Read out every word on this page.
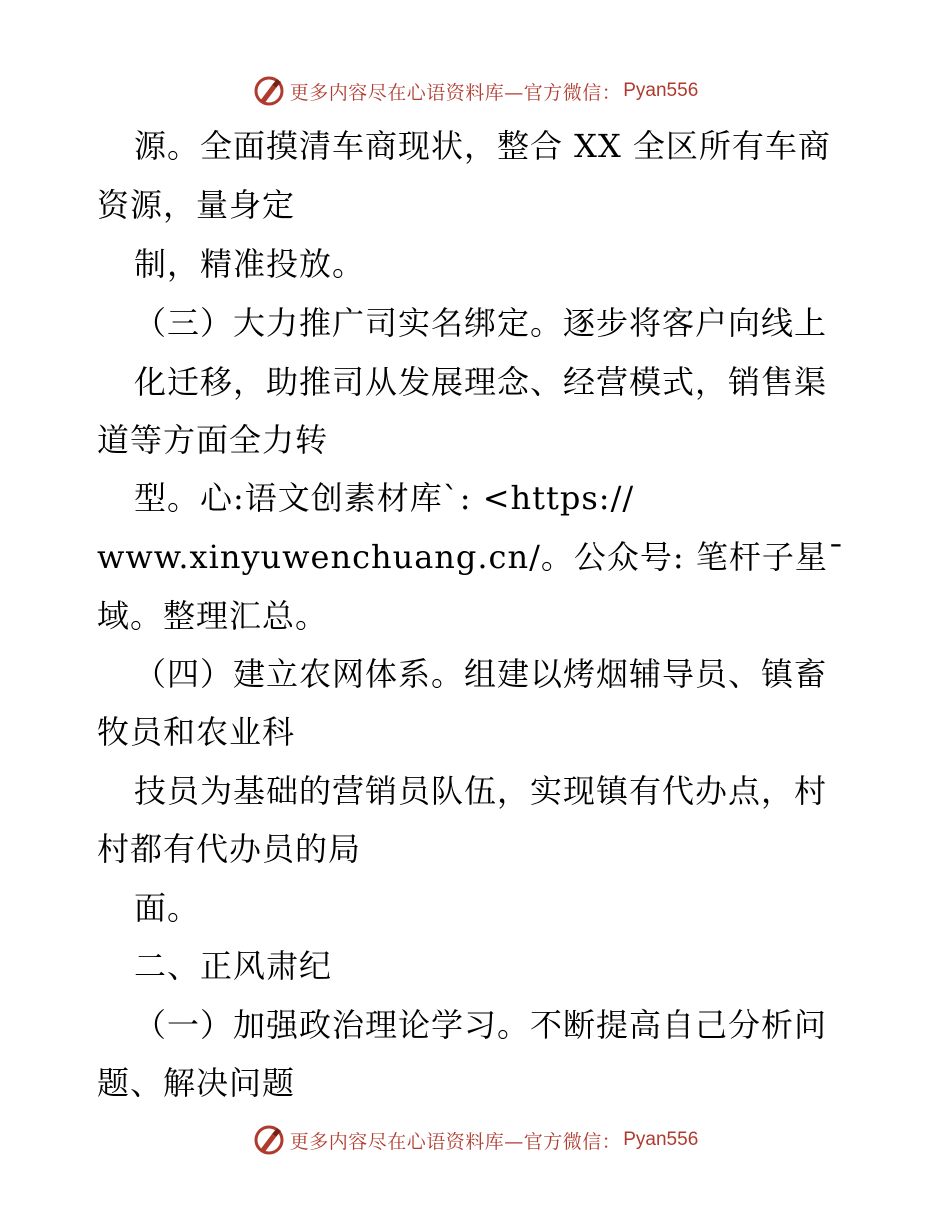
更多内容尽在心语资料库—官方微信： Pyan556
源。全面摸清车商现状，整合 XX 全区所有车商
资源，量身定
制，精准投放。
（三）大力推广司实名绑定。逐步将客户向线上
化迁移，助推司从发展理念、经营模式，销售渠
道等方面全力转
型。心:语文创素材库`: <https://
www.xinyuwenchuang.cn/。公众号: 笔杆子星¯
域。整理汇总。
（四）建立农网体系。组建以烤烟辅导员、镇畜
牧员和农业科
技员为基础的营销员队伍，实现镇有代办点，村
村都有代办员的局
面。
二、正风肃纪
（一）加强政治理论学习。不断提高自己分析问
题、解决问题
更多内容尽在心语资料库—官方微信： Pyan556
